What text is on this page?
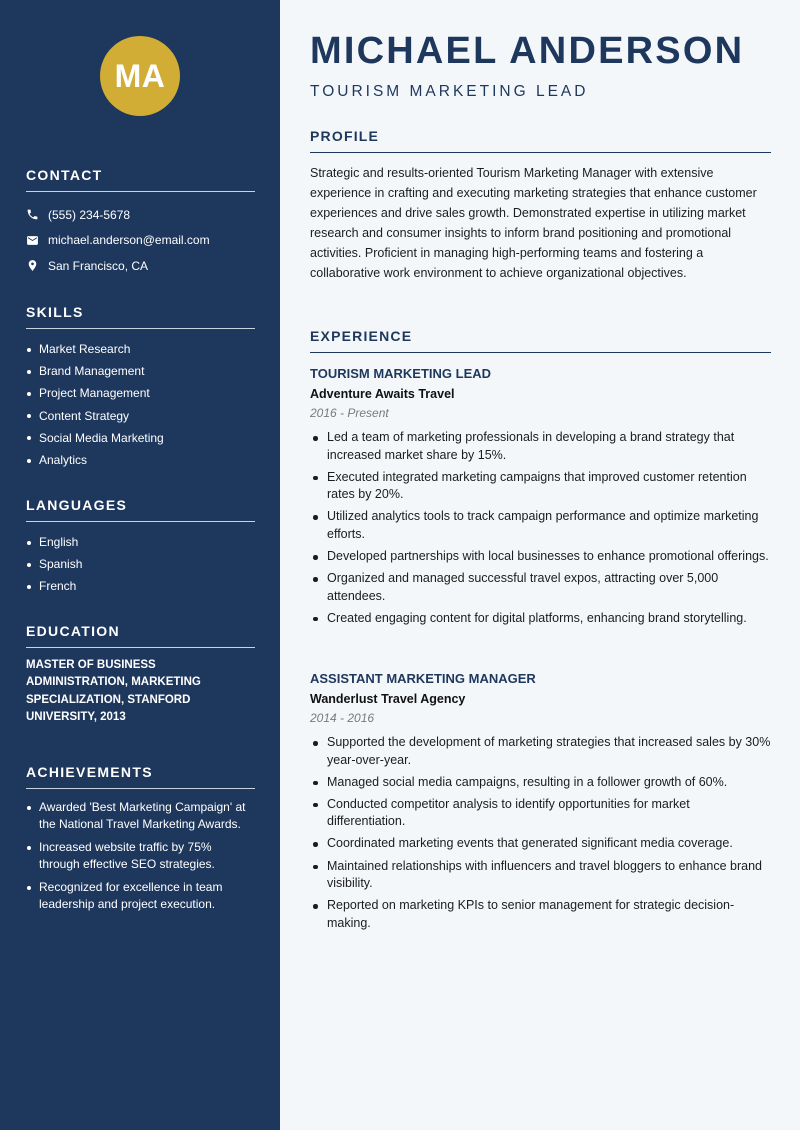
MA
CONTACT
(555) 234-5678
michael.anderson@email.com
San Francisco, CA
SKILLS
Market Research
Brand Management
Project Management
Content Strategy
Social Media Marketing
Analytics
LANGUAGES
English
Spanish
French
EDUCATION

MASTER OF BUSINESS ADMINISTRATION, MARKETING SPECIALIZATION, STANFORD UNIVERSITY, 2013

ACHIEVEMENTS
Awarded 'Best Marketing Campaign' at the National Travel Marketing Awards.
Increased website traffic by 75% through effective SEO strategies.
Recognized for excellence in team leadership and project execution.
MICHAEL ANDERSON
TOURISM MARKETING LEAD
PROFILE

Strategic and results-oriented Tourism Marketing Manager with extensive experience in crafting and executing marketing strategies that enhance customer experiences and drive sales growth. Demonstrated expertise in utilizing market research and consumer insights to inform brand positioning and promotional activities. Proficient in managing high-performing teams and fostering a collaborative work environment to achieve organizational objectives.

EXPERIENCE
TOURISM MARKETING LEAD
Adventure Awaits Travel
2016 - Present
Led a team of marketing professionals in developing a brand strategy that increased market share by 15%.
Executed integrated marketing campaigns that improved customer retention rates by 20%.
Utilized analytics tools to track campaign performance and optimize marketing efforts.
Developed partnerships with local businesses to enhance promotional offerings.
Organized and managed successful travel expos, attracting over 5,000 attendees.
Created engaging content for digital platforms, enhancing brand storytelling.
ASSISTANT MARKETING MANAGER
Wanderlust Travel Agency
2014 - 2016
Supported the development of marketing strategies that increased sales by 30% year-over-year.
Managed social media campaigns, resulting in a follower growth of 60%.
Conducted competitor analysis to identify opportunities for market differentiation.
Coordinated marketing events that generated significant media coverage.
Maintained relationships with influencers and travel bloggers to enhance brand visibility.
Reported on marketing KPIs to senior management for strategic decision-making.
